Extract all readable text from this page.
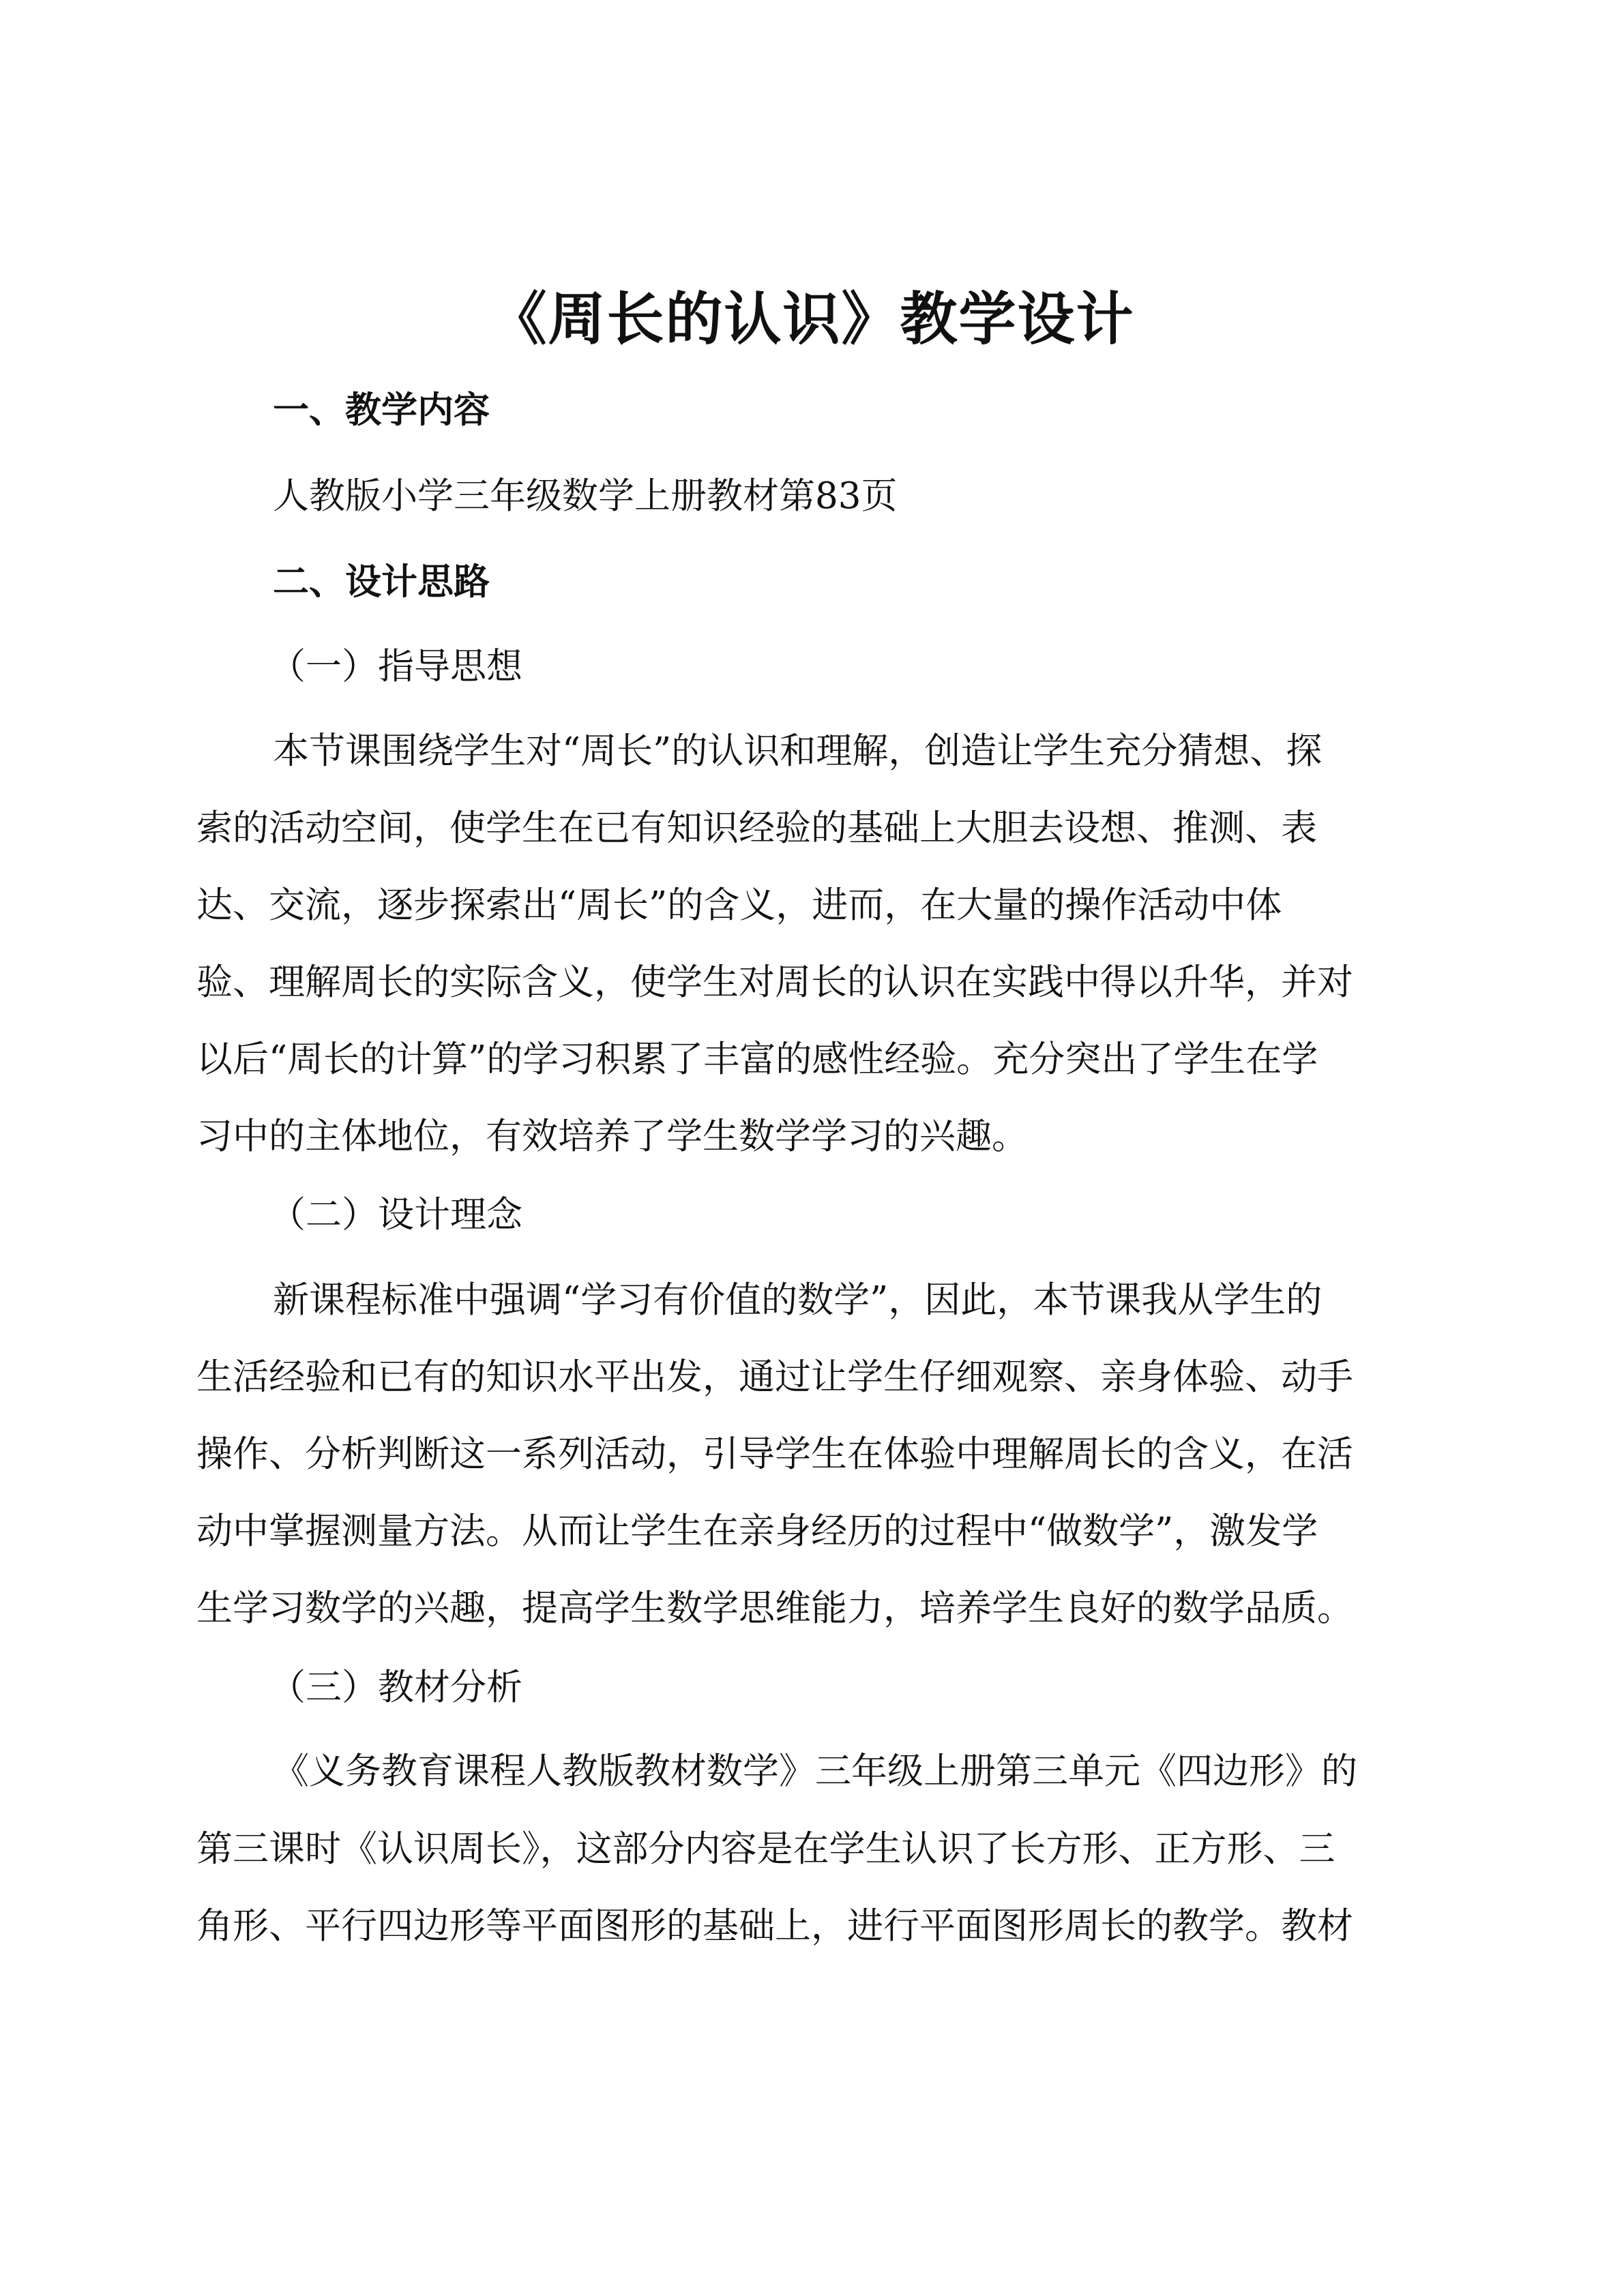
《周长的认识》教学设计
一、教学内容
人教版小学三年级数学上册教材第83页
二、设计思路
（一）指导思想
本节课围绕学生对“周长”的认识和理解，创造让学生充分猜想、探
索的活动空间，使学生在已有知识经验的基础上大胆去设想、推测、表
达、交流，逐步探索出“周长”的含义，进而，在大量的操作活动中体
验、理解周长的实际含义，使学生对周长的认识在实践中得以升华，并对
以后“周长的计算”的学习积累了丰富的感性经验。充分突出了学生在学
习中的主体地位，有效培养了学生数学学习的兴趣。
（二）设计理念
新课程标准中强调“学习有价值的数学”，因此，本节课我从学生的
生活经验和已有的知识水平出发，通过让学生仔细观察、亲身体验、动手
操作、分析判断这一系列活动，引导学生在体验中理解周长的含义，在活
动中掌握测量方法。从而让学生在亲身经历的过程中“做数学”，激发学
生学习数学的兴趣，提高学生数学思维能力，培养学生良好的数学品质。
（三）教材分析
《义务教育课程人教版教材数学》三年级上册第三单元《四边形》的
第三课时《认识周长》，这部分内容是在学生认识了长方形、正方形、三
角形、平行四边形等平面图形的基础上，进行平面图形周长的教学。教材
